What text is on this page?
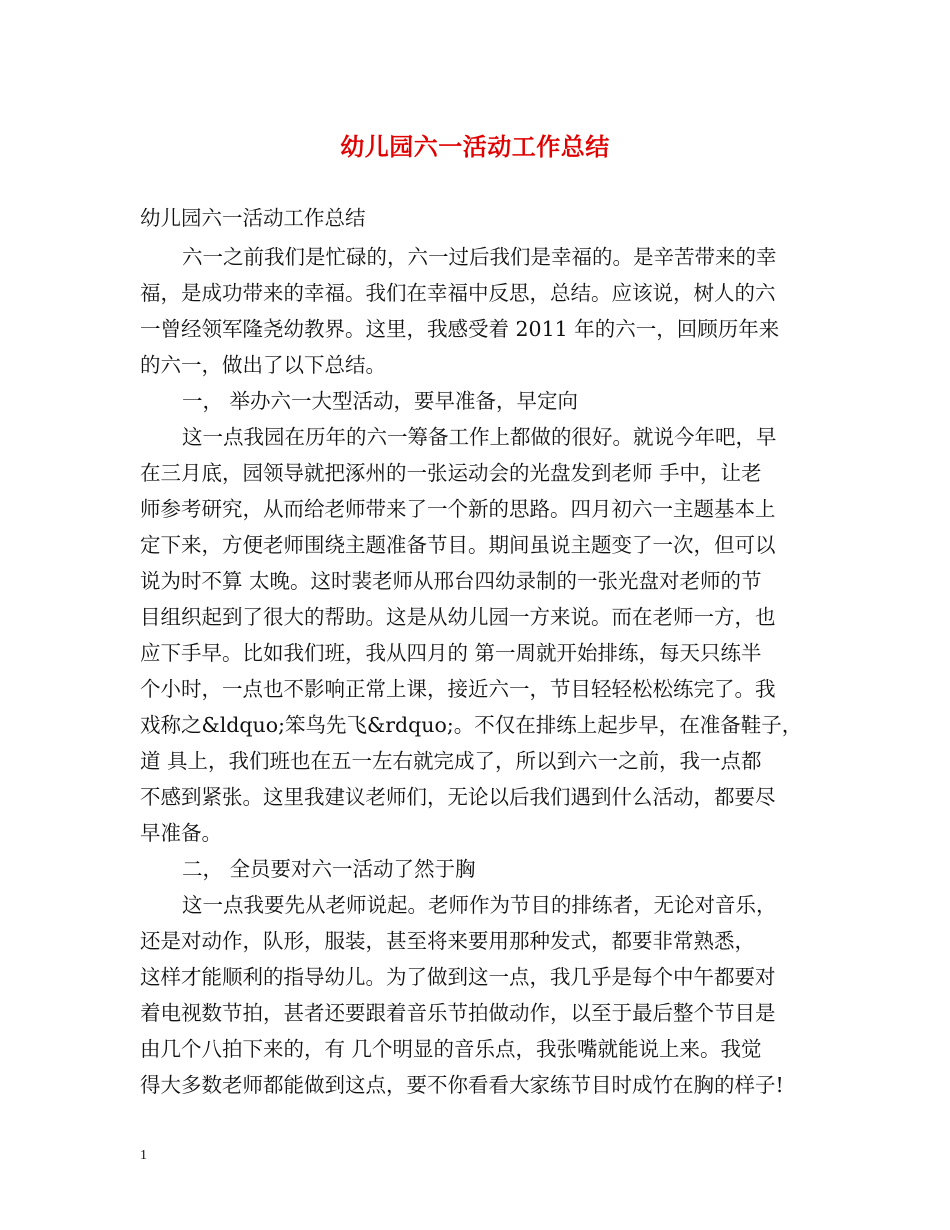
幼儿园六一活动工作总结
幼儿园六一活动工作总结
六一之前我们是忙碌的，六一过后我们是幸福的。是辛苦带来的幸
福，是成功带来的幸福。我们在幸福中反思，总结。应该说，树人的六
一曾经领军隆尧幼教界。这里，我感受着 2011 年的六一，回顾历年来
的六一，做出了以下总结。
一， 举办六一大型活动，要早准备，早定向
这一点我园在历年的六一筹备工作上都做的很好。就说今年吧，早
在三月底，园领导就把涿州的一张运动会的光盘发到老师 手中，让老
师参考研究，从而给老师带来了一个新的思路。四月初六一主题基本上
定下来，方便老师围绕主题准备节目。期间虽说主题变了一次，但可以
说为时不算 太晚。这时裴老师从邢台四幼录制的一张光盘对老师的节
目组织起到了很大的帮助。这是从幼儿园一方来说。而在老师一方，也
应下手早。比如我们班，我从四月的 第一周就开始排练，每天只练半
个小时，一点也不影响正常上课，接近六一，节目轻轻松松练完了。我
戏称之&ldquo;笨鸟先飞&rdquo;。不仅在排练上起步早，在准备鞋子，
道 具上，我们班也在五一左右就完成了，所以到六一之前，我一点都
不感到紧张。这里我建议老师们，无论以后我们遇到什么活动，都要尽
早准备。
二， 全员要对六一活动了然于胸
这一点我要先从老师说起。老师作为节目的排练者，无论对音乐，
还是对动作，队形，服装，甚至将来要用那种发式，都要非常熟悉，
这样才能顺利的指导幼儿。为了做到这一点，我几乎是每个中午都要对
着电视数节拍，甚者还要跟着音乐节拍做动作，以至于最后整个节目是
由几个八拍下来的，有 几个明显的音乐点，我张嘴就能说上来。我觉
得大多数老师都能做到这点，要不你看看大家练节目时成竹在胸的样子!
1
